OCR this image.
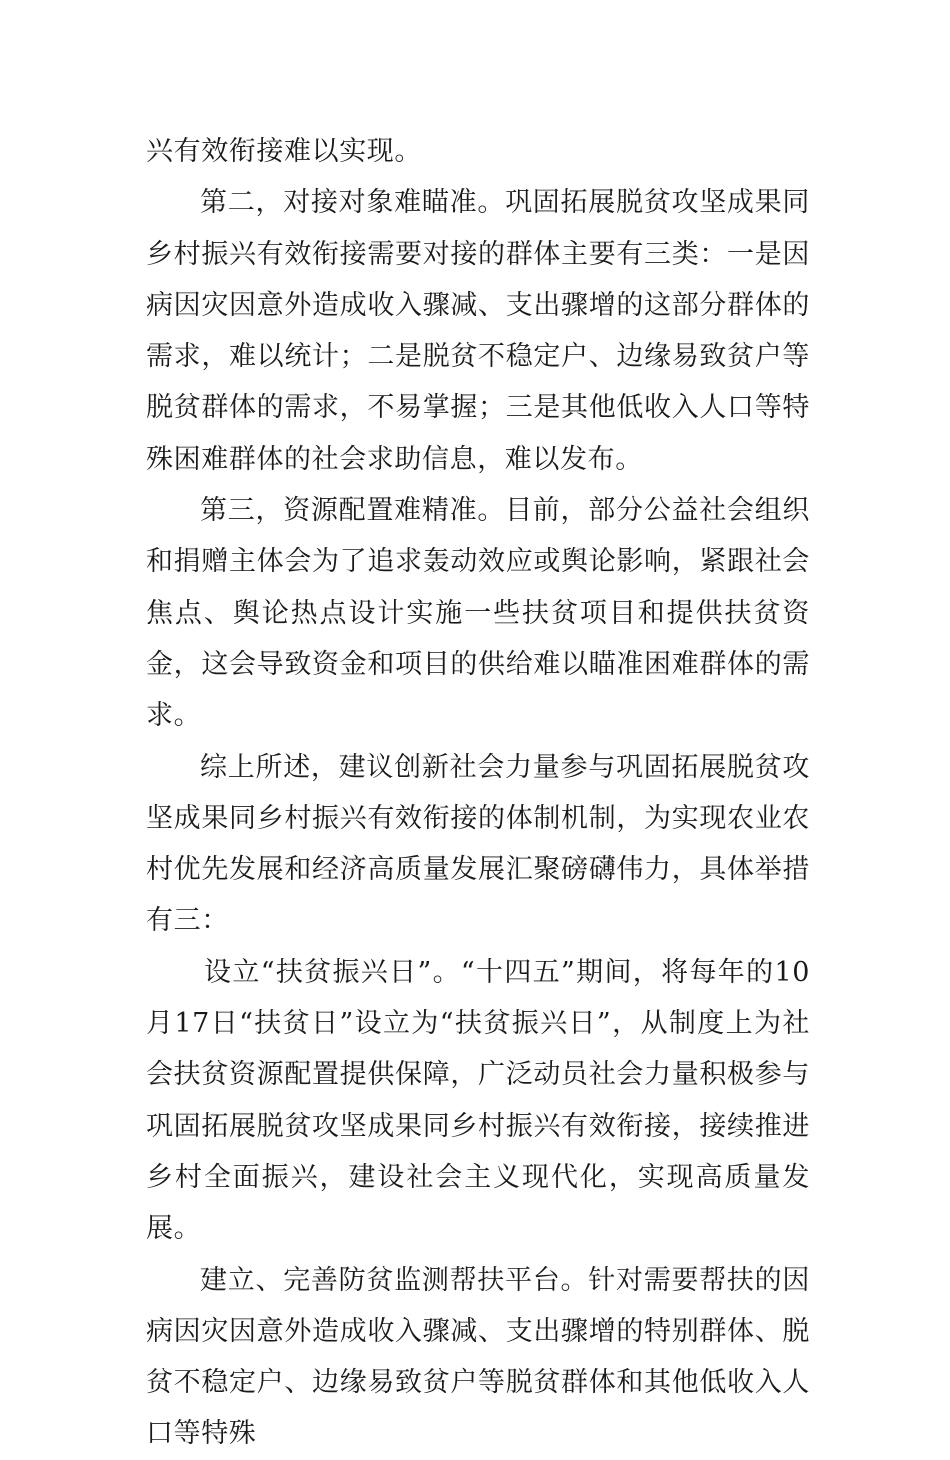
兴有效衔接难以实现。

第二，对接对象难瞄准。巩固拓展脱贫攻坚成果同乡村振兴有效衔接需要对接的群体主要有三类：一是因病因灾因意外造成收入骤减、支出骤增的这部分群体的需求，难以统计；二是脱贫不稳定户、边缘易致贫户等脱贫群体的需求，不易掌握；三是其他低收入人口等特殊困难群体的社会求助信息，难以发布。

第三，资源配置难精准。目前，部分公益社会组织和捐赠主体会为了追求轰动效应或舆论影响，紧跟社会焦点、舆论热点设计实施一些扶贫项目和提供扶贫资金，这会导致资金和项目的供给难以瞄准困难群体的需求。

综上所述，建议创新社会力量参与巩固拓展脱贫攻坚成果同乡村振兴有效衔接的体制机制，为实现农业农村优先发展和经济高质量发展汇聚磅礴伟力，具体举措有三：

设立“扶贫振兴日”。“十四五”期间，将每年的10月17日“扶贫日”设立为“扶贫振兴日”，从制度上为社会扶贫资源配置提供保障，广泛动员社会力量积极参与巩固拓展脱贫攻坚成果同乡村振兴有效衔接，接续推进乡村全面振兴，建设社会主义现代化，实现高质量发展。

建立、完善防贫监测帮扶平台。针对需要帮扶的因病因灾因意外造成收入骤减、支出骤增的特别群体、脱贫不稳定户、边缘易致贫户等脱贫群体和其他低收入人口等特殊
